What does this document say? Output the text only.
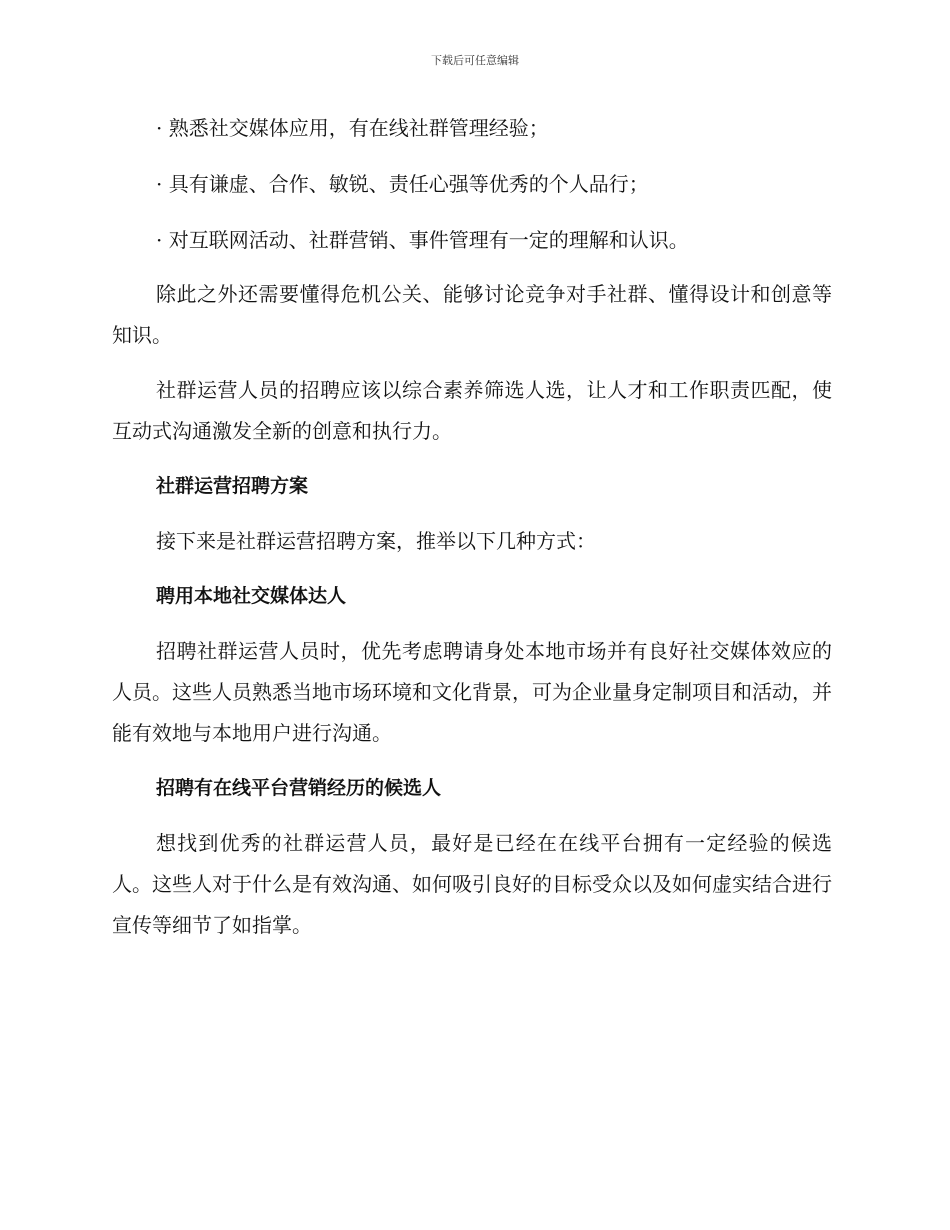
下载后可任意编辑

· 熟悉社交媒体应用，有在线社群管理经验；

· 具有谦虚、合作、敏锐、责任心强等优秀的个人品行；

· 对互联网活动、社群营销、事件管理有一定的理解和认识。

除此之外还需要懂得危机公关、能够讨论竞争对手社群、懂得设计和创意等知识。

社群运营人员的招聘应该以综合素养筛选人选，让人才和工作职责匹配，使互动式沟通激发全新的创意和执行力。

社群运营招聘方案

接下来是社群运营招聘方案，推举以下几种方式：

聘用本地社交媒体达人

招聘社群运营人员时，优先考虑聘请身处本地市场并有良好社交媒体效应的人员。这些人员熟悉当地市场环境和文化背景，可为企业量身定制项目和活动，并能有效地与本地用户进行沟通。

招聘有在线平台营销经历的候选人

想找到优秀的社群运营人员，最好是已经在在线平台拥有一定经验的候选人。这些人对于什么是有效沟通、如何吸引良好的目标受众以及如何虚实结合进行宣传等细节了如指掌。
